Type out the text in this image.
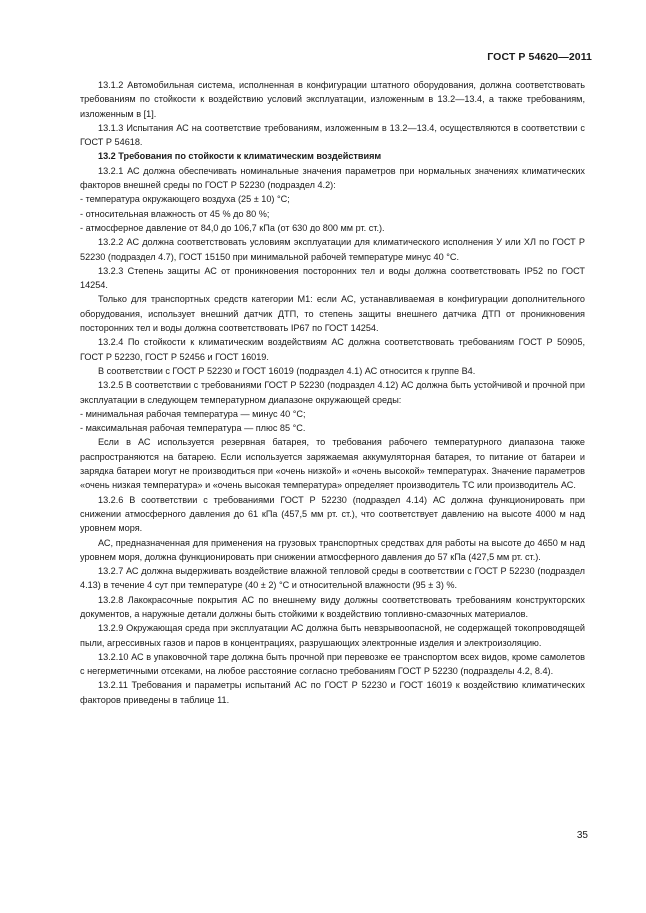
ГОСТ Р 54620—2011

13.1.2 Автомобильная система, исполненная в конфигурации штатного оборудования, должна соответствовать требованиям по стойкости к воздействию условий эксплуатации, изложенным в 13.2—13.4, а также требованиям, изложенным в [1].

13.1.3 Испытания АС на соответствие требованиям, изложенным в 13.2—13.4, осуществляются в соответствии с ГОСТ Р 54618.

13.2 Требования по стойкости к климатическим воздействиям

13.2.1 АС должна обеспечивать номинальные значения параметров при нормальных значениях климатических факторов внешней среды по ГОСТ Р 52230 (подраздел 4.2):

- температура окружающего воздуха (25 ± 10) °С;

- относительная влажность от 45 % до 80 %;

- атмосферное давление от 84,0 до 106,7 кПа (от 630 до 800 мм рт. ст.).

13.2.2 АС должна соответствовать условиям эксплуатации для климатического исполнения У или ХЛ по ГОСТ Р 52230 (подраздел 4.7), ГОСТ 15150 при минимальной рабочей температуре минус 40 °С.

13.2.3 Степень защиты АС от проникновения посторонних тел и воды должна соответствовать IP52 по ГОСТ 14254.

Только для транспортных средств категории М1: если АС, устанавливаемая в конфигурации дополнительного оборудования, использует внешний датчик ДТП, то степень защиты внешнего датчика ДТП от проникновения посторонних тел и воды должна соответствовать IP67 по ГОСТ 14254.

13.2.4 По стойкости к климатическим воздействиям АС должна соответствовать требованиям ГОСТ Р 50905, ГОСТ Р 52230, ГОСТ Р 52456 и ГОСТ 16019.

В соответствии с ГОСТ Р 52230 и ГОСТ 16019 (подраздел 4.1) АС относится к группе В4.

13.2.5 В соответствии с требованиями ГОСТ Р 52230 (подраздел 4.12) АС должна быть устойчивой и прочной при эксплуатации в следующем температурном диапазоне окружающей среды:

- минимальная рабочая температура — минус 40 °С;

- максимальная рабочая температура — плюс 85 °С.

Если в АС используется резервная батарея, то требования рабочего температурного диапазона также распространяются на батарею. Если используется заряжаемая аккумуляторная батарея, то питание от батареи и зарядка батареи могут не производиться при «очень низкой» и «очень высокой» температурах. Значение параметров «очень низкая температура» и «очень высокая температура» определяет производитель ТС или производитель АС.

13.2.6 В соответствии с требованиями ГОСТ Р 52230 (подраздел 4.14) АС должна функционировать при снижении атмосферного давления до 61 кПа (457,5 мм рт. ст.), что соответствует давлению на высоте 4000 м над уровнем моря.

АС, предназначенная для применения на грузовых транспортных средствах для работы на высоте до 4650 м над уровнем моря, должна функционировать при снижении атмосферного давления до 57 кПа (427,5 мм рт. ст.).

13.2.7 АС должна выдерживать воздействие влажной тепловой среды в соответствии с ГОСТ Р 52230 (подраздел 4.13) в течение 4 сут при температуре (40 ± 2) °С и относительной влажности (95 ± 3) %.

13.2.8 Лакокрасочные покрытия АС по внешнему виду должны соответствовать требованиям конструкторских документов, а наружные детали должны быть стойкими к воздействию топливно-смазочных материалов.

13.2.9 Окружающая среда при эксплуатации АС должна быть невзрывоопасной, не содержащей токопроводящей пыли, агрессивных газов и паров в концентрациях, разрушающих электронные изделия и электроизоляцию.

13.2.10 АС в упаковочной таре должна быть прочной при перевозке ее транспортом всех видов, кроме самолетов с негерметичными отсеками, на любое расстояние согласно требованиям ГОСТ Р 52230 (подразделы 4.2, 8.4).

13.2.11 Требования и параметры испытаний АС по ГОСТ Р 52230 и ГОСТ 16019 к воздействию климатических факторов приведены в таблице 11.

35
